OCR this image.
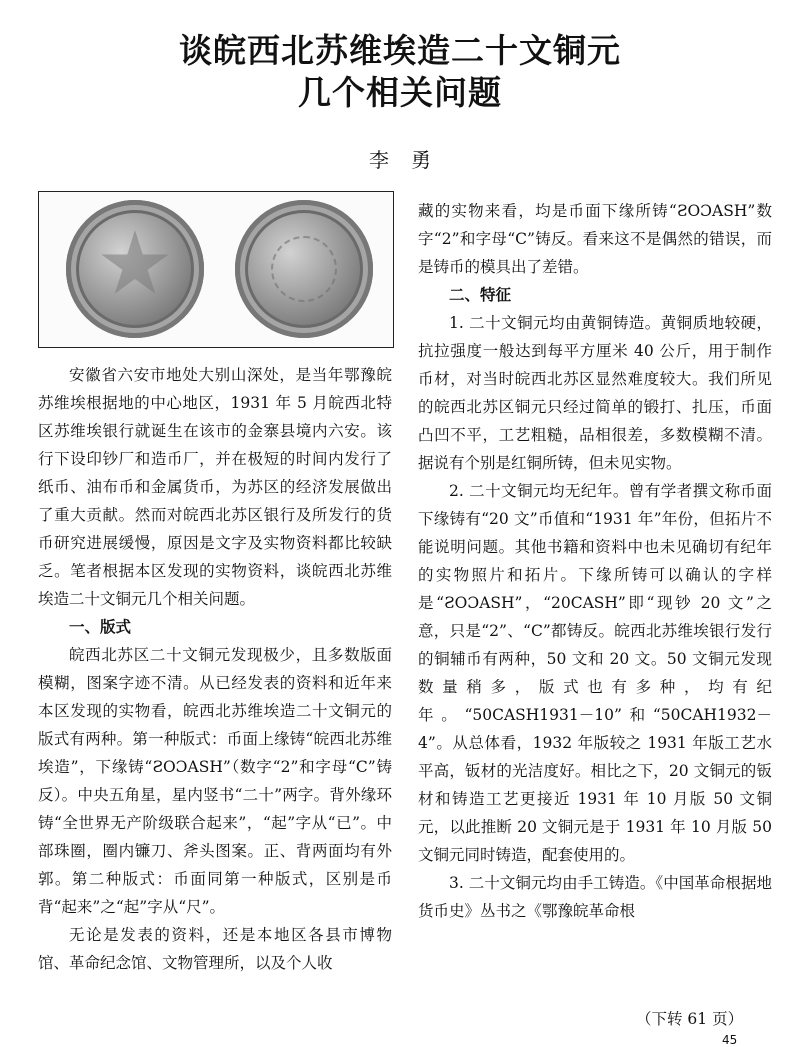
谈皖西北苏维埃造二十文铜元
几个相关问题
李勇

安徽省六安市地处大别山深处，是当年鄂豫皖苏维埃根据地的中心地区，1931 年 5 月皖西北特区苏维埃银行就诞生在该市的金寨县境内六安。该行下设印钞厂和造币厂，并在极短的时间内发行了纸币、油布币和金属货币，为苏区的经济发展做出了重大贡献。然而对皖西北苏区银行及所发行的货币研究进展缓慢，原因是文字及实物资料都比较缺乏。笔者根据本区发现的实物资料，谈皖西北苏维埃造二十文铜元几个相关问题。

一、版式

皖西北苏区二十文铜元发现极少，且多数版面模糊，图案字迹不清。从已经发表的资料和近年来本区发现的实物看，皖西北苏维埃造二十文铜元的版式有两种。第一种版式：币面上缘铸“皖西北苏维埃造”，下缘铸“ƧOƆASH”（数字“2”和字母“C”铸反）。中央五角星，星内竖书“二十”两字。背外缘环铸“全世界无产阶级联合起来”，“起”字从“已”。中部珠圈，圈内镰刀、斧头图案。正、背两面均有外郭。第二种版式：币面同第一种版式，区别是币背“起来”之“起”字从“尺”。

无论是发表的资料，还是本地区各县市博物馆、革命纪念馆、文物管理所，以及个人收

藏的实物来看，均是币面下缘所铸“ƧOƆASH”数字“2”和字母“C”铸反。看来这不是偶然的错误，而是铸币的模具出了差错。

二、特征

1. 二十文铜元均由黄铜铸造。黄铜质地较硬，抗拉强度一般达到每平方厘米 40 公斤，用于制作币材，对当时皖西北苏区显然难度较大。我们所见的皖西北苏区铜元只经过简单的锻打、扎压，币面凸凹不平，工艺粗糙，品相很差，多数模糊不清。据说有个别是红铜所铸，但未见实物。

2. 二十文铜元均无纪年。曾有学者撰文称币面下缘铸有“20 文”币值和“1931 年”年份，但拓片不能说明问题。其他书籍和资料中也未见确切有纪年的实物照片和拓片。下缘所铸可以确认的字样是“ƧOƆASH”，“20CASH”即“现钞 20 文”之意，只是“2”、“C”都铸反。皖西北苏维埃银行发行的铜辅币有两种，50 文和 20 文。50 文铜元发现数量稍多，版式也有多种，均有纪年。“50CASH1931－10”和“50CAH1932－4”。从总体看，1932 年版较之 1931 年版工艺水平高，钣材的光洁度好。相比之下，20 文铜元的钣材和铸造工艺更接近 1931 年 10 月版 50 文铜元，以此推断 20 文铜元是于 1931 年 10 月版 50 文铜元同时铸造，配套使用的。

3. 二十文铜元均由手工铸造。《中国革命根据地货币史》丛书之《鄂豫皖革命根

（下转 61 页）
45
